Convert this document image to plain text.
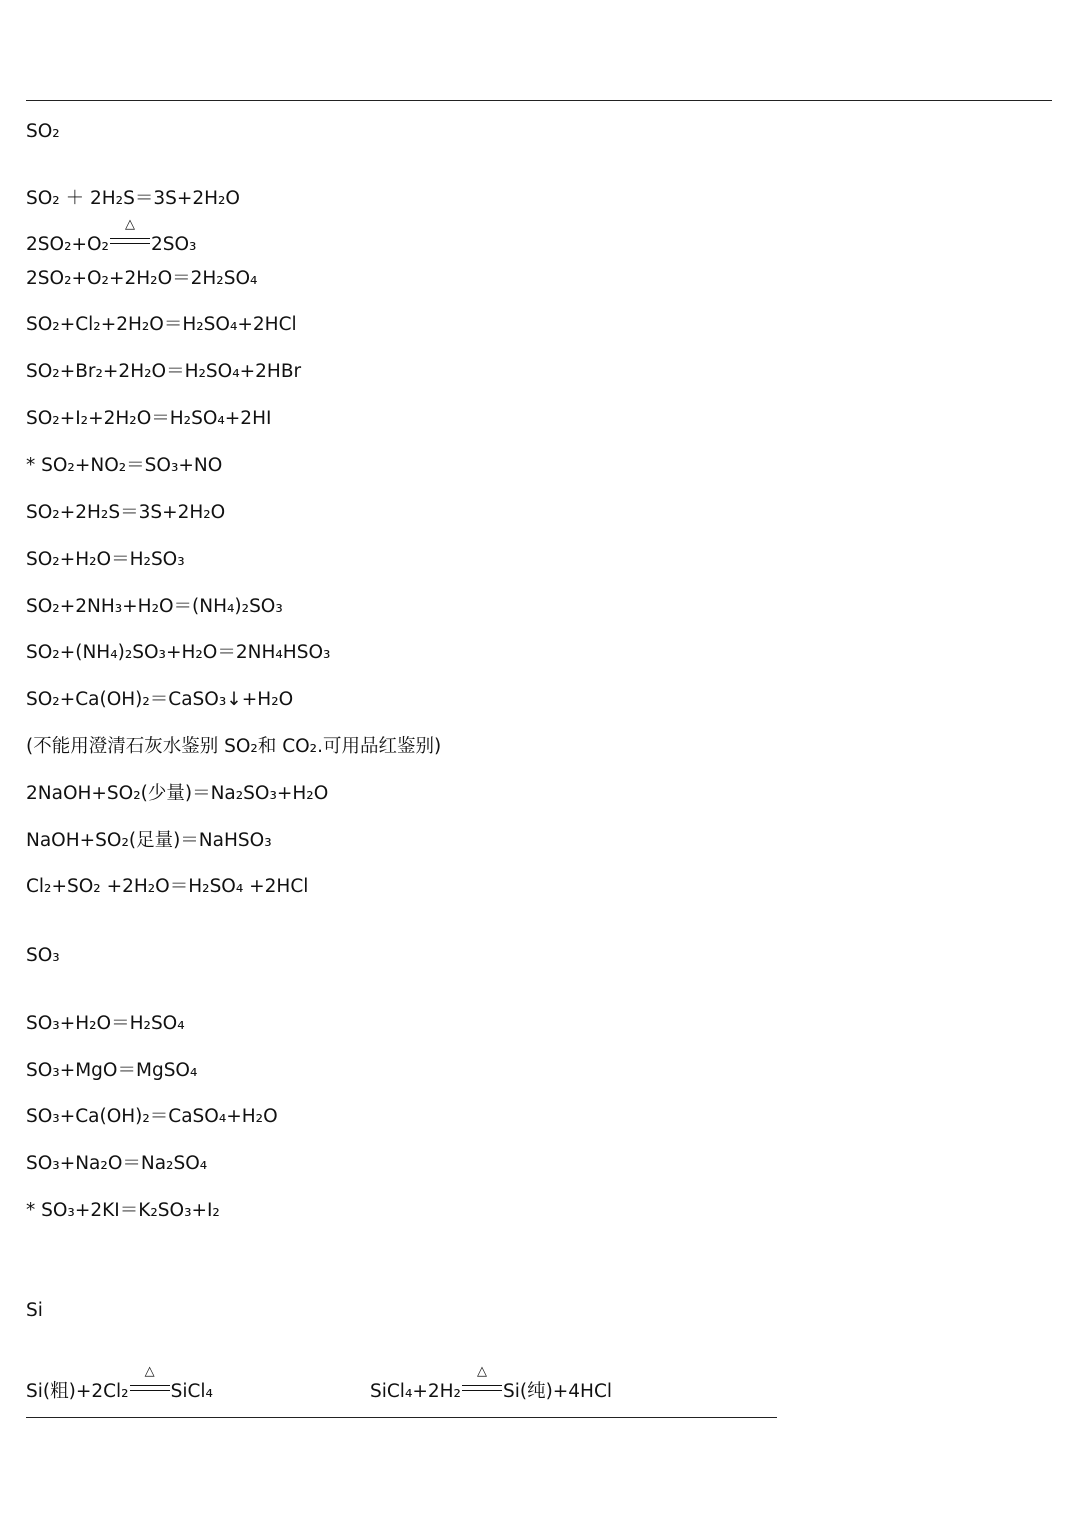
SO₂
SO₂ ＋ 2H₂S＝3S+2H₂O
2SO₂+O₂
△
2SO₃
2SO₂+O₂+2H₂O＝2H₂SO₄
SO₂+Cl₂+2H₂O＝H₂SO₄+2HCl
SO₂+Br₂+2H₂O＝H₂SO₄+2HBr
SO₂+I₂+2H₂O＝H₂SO₄+2HI
* SO₂+NO₂＝SO₃+NO
SO₂+2H₂S＝3S+2H₂O
SO₂+H₂O＝H₂SO₃
SO₂+2NH₃+H₂O＝(NH₄)₂SO₃
SO₂+(NH₄)₂SO₃+H₂O＝2NH₄HSO₃
SO₂+Ca(OH)₂＝CaSO₃↓+H₂O
(不能用澄清石灰水鉴别 SO₂和 CO₂.可用品红鉴别)
2NaOH+SO₂(少量)＝Na₂SO₃+H₂O
NaOH+SO₂(足量)＝NaHSO₃
Cl₂+SO₂ +2H₂O＝H₂SO₄ +2HCl
SO₃
SO₃+H₂O＝H₂SO₄
SO₃+MgO＝MgSO₄
SO₃+Ca(OH)₂＝CaSO₄+H₂O
SO₃+Na₂O＝Na₂SO₄
* SO₃+2KI＝K₂SO₃+I₂
Si
Si(粗)+2Cl₂
△
SiCl₄	SiCl₄+2H₂
△
Si(纯)+4HCl
